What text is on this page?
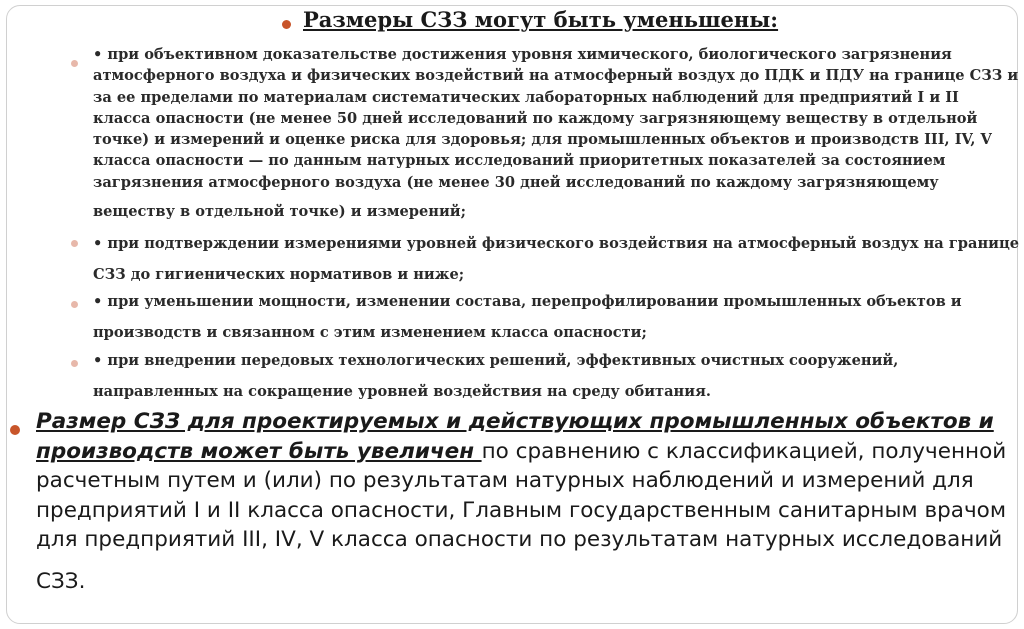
Размеры СЗЗ могут быть уменьшены:
• при объективном доказательстве достижения уровня химического, биологического загрязнения
атмосферного воздуха и физических воздействий на атмосферный воздух до ПДК и ПДУ на границе СЗЗ и
за ее пределами по материалам систематических лабораторных наблюдений для предприятий I и II
класса опасности (не менее 50 дней исследований по каждому загрязняющему веществу в отдельной
точке) и измерений и оценке риска для здоровья; для промышленных объектов и производств III, IV, V
класса опасности — по данным натурных исследований приоритетных показателей за состоянием
загрязнения атмосферного воздуха (не менее 30 дней исследований по каждому загрязняющему
веществу в отдельной точке) и измерений;
• при подтверждении измерениями уровней физического воздействия на атмосферный воздух на границе
СЗЗ до гигиенических нормативов и ниже;
• при уменьшении мощности, изменении состава, перепрофилировании промышленных объектов и
производств и связанном с этим изменением класса опасности;
• при внедрении передовых технологических решений, эффективных очистных сооружений,
направленных на сокращение уровней воздействия на среду обитания.
Размер СЗЗ для проектируемых и действующих промышленных объектов и
производств может быть увеличен по сравнению с классификацией, полученной
расчетным путем и (или) по результатам натурных наблюдений и измерений для
предприятий I и II класса опасности, Главным государственным санитарным врачом
для предприятий III, IV, V класса опасности по результатам натурных исследований
СЗЗ.
